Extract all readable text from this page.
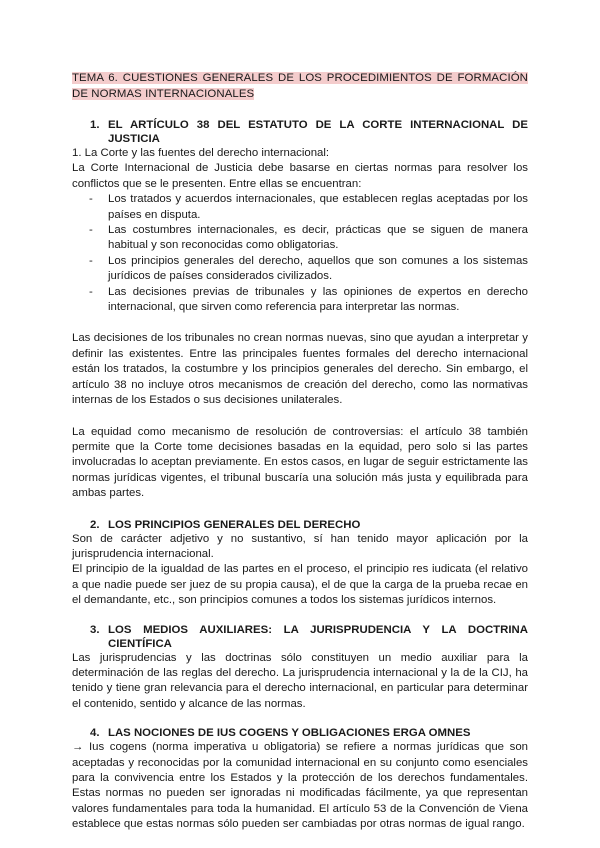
TEMA 6. CUESTIONES GENERALES DE LOS PROCEDIMIENTOS DE FORMACIÓN DE NORMAS INTERNACIONALES

1. EL ARTÍCULO 38 DEL ESTATUTO DE LA CORTE INTERNACIONAL DE JUSTICIA

1. La Corte y las fuentes del derecho internacional:

La Corte Internacional de Justicia debe basarse en ciertas normas para resolver los conflictos que se le presenten. Entre ellas se encuentran:

- Los tratados y acuerdos internacionales, que establecen reglas aceptadas por los países en disputa.
- Las costumbres internacionales, es decir, prácticas que se siguen de manera habitual y son reconocidas como obligatorias.
- Los principios generales del derecho, aquellos que son comunes a los sistemas jurídicos de países considerados civilizados.
- Las decisiones previas de tribunales y las opiniones de expertos en derecho internacional, que sirven como referencia para interpretar las normas.

Las decisiones de los tribunales no crean normas nuevas, sino que ayudan a interpretar y definir las existentes. Entre las principales fuentes formales del derecho internacional están los tratados, la costumbre y los principios generales del derecho. Sin embargo, el artículo 38 no incluye otros mecanismos de creación del derecho, como las normativas internas de los Estados o sus decisiones unilaterales.

La equidad como mecanismo de resolución de controversias: el artículo 38 también permite que la Corte tome decisiones basadas en la equidad, pero solo si las partes involucradas lo aceptan previamente. En estos casos, en lugar de seguir estrictamente las normas jurídicas vigentes, el tribunal buscaría una solución más justa y equilibrada para ambas partes.

2. LOS PRINCIPIOS GENERALES DEL DERECHO

Son de carácter adjetivo y no sustantivo, sí han tenido mayor aplicación por la jurisprudencia internacional.

El principio de la igualdad de las partes en el proceso, el principio res iudicata (el relativo a que nadie puede ser juez de su propia causa), el de que la carga de la prueba recae en el demandante, etc., son principios comunes a todos los sistemas jurídicos internos.

3. LOS MEDIOS AUXILIARES: LA JURISPRUDENCIA Y LA DOCTRINA CIENTÍFICA

Las jurisprudencias y las doctrinas sólo constituyen un medio auxiliar para la determinación de las reglas del derecho. La jurisprudencia internacional y la de la CIJ, ha tenido y tiene gran relevancia para el derecho internacional, en particular para determinar el contenido, sentido y alcance de las normas.

4. LAS NOCIONES DE IUS COGENS Y OBLIGACIONES ERGA OMNES

→ Ius cogens (norma imperativa u obligatoria) se refiere a normas jurídicas que son aceptadas y reconocidas por la comunidad internacional en su conjunto como esenciales para la convivencia entre los Estados y la protección de los derechos fundamentales. Estas normas no pueden ser ignoradas ni modificadas fácilmente, ya que representan valores fundamentales para toda la humanidad. El artículo 53 de la Convención de Viena establece que estas normas sólo pueden ser cambiadas por otras normas de igual rango.
